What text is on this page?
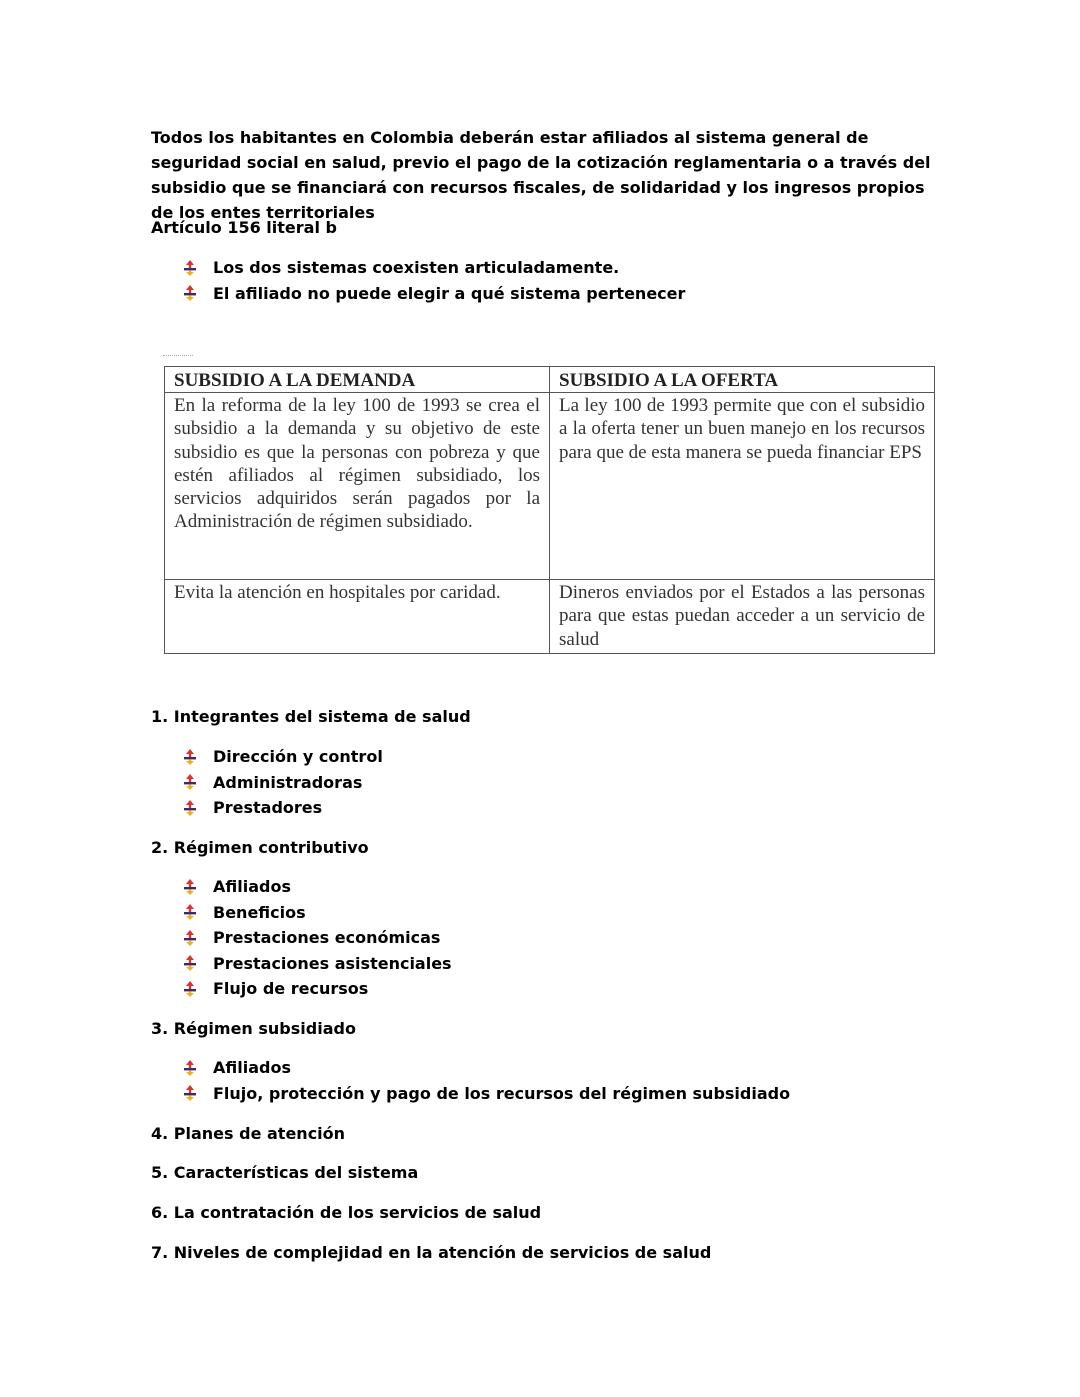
Todos los habitantes en Colombia deberán estar afiliados al sistema general de seguridad social en salud, previo el pago de la cotización reglamentaria o a través del subsidio que se financiará con recursos fiscales, de solidaridad y los ingresos propios de los entes territoriales

Artículo 156 literal b

Los dos sistemas coexisten articuladamente.
El afiliado no puede elegir a qué sistema pertenecer
SUBSIDIO A LA DEMANDA	SUBSIDIO A LA OFERTA
En la reforma de la ley 100 de 1993 se crea el subsidio a la demanda y su objetivo de este subsidio es que la personas con pobreza y que estén afiliados al régimen subsidiado, los servicios adquiridos serán pagados por la Administración de régimen subsidiado.	La ley 100 de 1993 permite que con el subsidio a la oferta tener un buen manejo en los recursos para que de esta manera se pueda financiar EPS
Evita la atención en hospitales por caridad.	Dineros enviados por el Estados a las personas para que estas puedan acceder a un servicio de salud

1. Integrantes del sistema de salud

Dirección y control
Administradoras
Prestadores

2. Régimen contributivo

Afiliados
Beneficios
Prestaciones económicas
Prestaciones asistenciales
Flujo de recursos

3. Régimen subsidiado

Afiliados
Flujo, protección y pago de los recursos del régimen subsidiado

4. Planes de atención

5. Características del sistema

6. La contratación de los servicios de salud

7. Niveles de complejidad en la atención de servicios de salud
